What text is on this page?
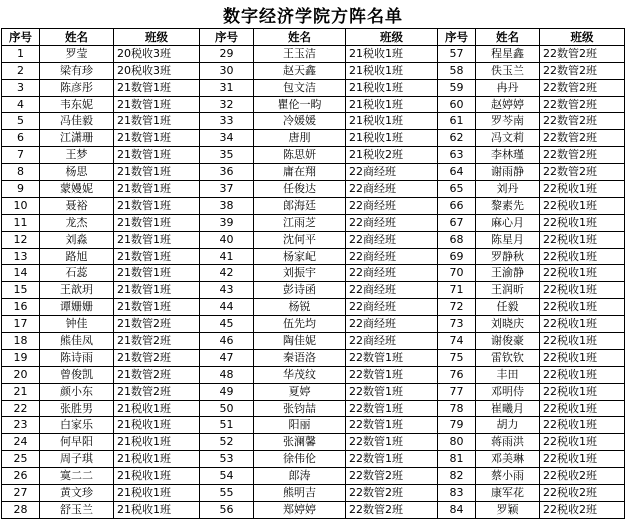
数字经济学院方阵名单
序号	姓名	班级	序号	姓名	班级	序号	姓名	班级
1	罗莹	20税收3班	29	王玉洁	21税收1班	57	程星鑫	22数管2班
2	梁有珍	20税收3班	30	赵天鑫	21税收1班	58	佚玉兰	22数管2班
3	陈彦彤	21数管1班	31	包文洁	21税收1班	59	冉丹	22数管2班
4	韦东妮	21数管1班	32	瞿伦一畇	21税收1班	60	赵婷婷	22数管2班
5	冯佳毅	21数管1班	33	冷媛媛	21税收1班	61	罗芩南	22数管2班
6	江潇珊	21数管1班	34	唐刖	21税收1班	62	冯文莉	22数管2班
7	王梦	21数管1班	35	陈思妍	21税收2班	63	李林瑾	22数管2班
8	杨思	21数管1班	36	庸在翔	22商经班	64	谢雨静	22数管2班
9	蒙嫚妮	21数管1班	37	任俊达	22商经班	65	刘丹	22税收1班
10	聂裕	21数管1班	38	郎海廷	22商经班	66	黎素先	22税收1班
11	龙杰	21数管1班	39	江雨芝	22商经班	67	麻心月	22税收1班
12	刘淼	21数管1班	40	沈何平	22商经班	68	陈星月	22税收1班
13	路旭	21数管1班	41	杨家屺	22商经班	69	罗静秋	22税收1班
14	石蕊	21数管1班	42	刘振宇	22商经班	70	王渝静	22税收1班
15	王歆玥	21数管1班	43	彭诗函	22商经班	71	王润昕	22税收1班
16	谭姗姗	21数管1班	44	杨锐	22商经班	72	任毅	22税收1班
17	钟佳	21数管2班	45	伍先均	22商经班	73	刘晓庆	22税收1班
18	熊佳凤	21数管2班	46	陶佳妮	22商经班	74	谢俊豪	22税收1班
19	陈诗雨	21数管2班	47	秦语洛	22数管1班	75	雷钦钦	22税收1班
20	曾俊凯	21数管2班	48	华茂纹	22数管1班	76	丰田	22税收1班
21	颜小东	21数管2班	49	夏婷	22数管1班	77	邓明侍	22税收1班
22	张胜男	21税收1班	50	张钧喆	22数管1班	78	崔曦月	22税收1班
23	白家乐	21税收1班	51	阳丽	22数管1班	79	胡力	22税收1班
24	何早阳	21税收1班	52	张澜馨	22数管1班	80	蒋雨洪	22税收1班
25	周子琪	21税收1班	53	徐伟伦	22数管1班	81	邓美琳	22税收1班
26	寞二二	21税收1班	54	郎涛	22数管2班	82	蔡小雨	22税收2班
27	黄文珍	21税收1班	55	熊明吉	22数管2班	83	康军花	22税收2班
28	舒玉兰	21税收1班	56	郑婷婷	22数管2班	84	罗颖	22税收2班
